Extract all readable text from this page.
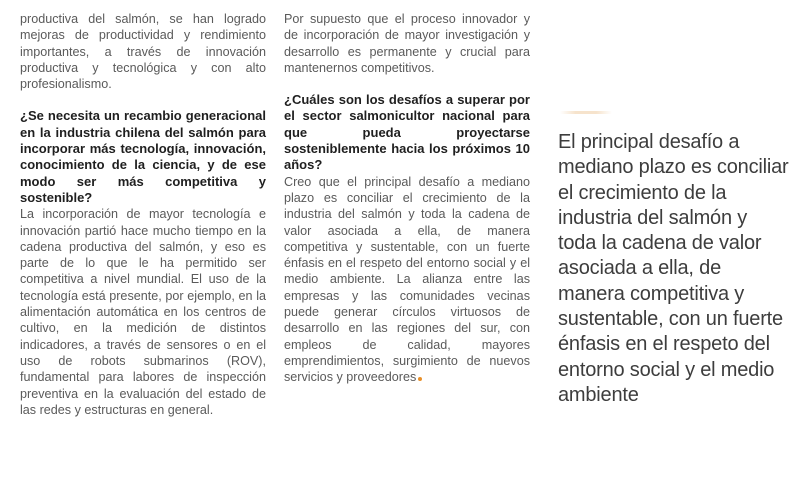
productiva del salmón, se han logrado mejoras de productividad y rendimiento importantes, a través de innovación productiva y tecnológica y con alto profesionalismo.

¿Se necesita un recambio generacional en la industria chilena del salmón para incorporar más tecnología, innovación, conocimiento de la ciencia, y de ese modo ser más competitiva y sostenible?

La incorporación de mayor tecnología e innovación partió hace mucho tiempo en la cadena productiva del salmón, y eso es parte de lo que le ha permitido ser competitiva a nivel mundial. El uso de la tecnología está presente, por ejemplo, en la alimentación automática en los centros de cultivo, en la medición de distintos indicadores, a través de sensores o en el uso de robots submarinos (ROV), fundamental para labores de inspección preventiva en la evaluación del estado de las redes y estructuras en general.

Por supuesto que el proceso innovador y de incorporación de mayor investigación y desarrollo es permanente y crucial para mantenernos competitivos.

¿Cuáles son los desafíos a superar por el sector salmonicultor nacional para que pueda proyectarse sosteniblemente hacia los próximos 10 años?

Creo que el principal desafío a mediano plazo es conciliar el crecimiento de la industria del salmón y toda la cadena de valor asociada a ella, de manera competitiva y sustentable, con un fuerte énfasis en el respeto del entorno social y el medio ambiente. La alianza entre las empresas y las comunidades vecinas puede generar círculos virtuosos de desarrollo en las regiones del sur, con empleos de calidad, mayores emprendimientos, surgimiento de nuevos servicios y proveedores

El principal desafío a mediano plazo es conciliar el crecimiento de la industria del salmón y toda la cadena de valor asociada a ella, de manera competitiva y sustentable, con un fuerte énfasis en el respeto del entorno social y el medio ambiente
